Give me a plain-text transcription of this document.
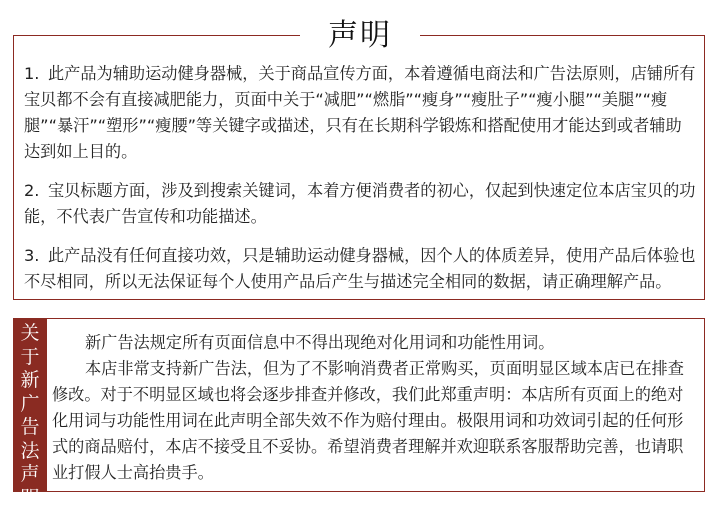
声明
1. 此产品为辅助运动健身器械，关于商品宣传方面，本着遵循电商法和广告法原则，店铺所有宝贝都不会有直接减肥能力，页面中关于“减肥”“燃脂”“瘦身”“瘦肚子”“瘦小腿”“美腿”“瘦腿”“暴汗”“塑形”“瘦腰”等关键字或描述，只有在长期科学锻炼和搭配使用才能达到或者辅助达到如上目的。
2. 宝贝标题方面，涉及到搜索关键词，本着方便消费者的初心，仅起到快速定位本店宝贝的功能，不代表广告宣传和功能描述。
3. 此产品没有任何直接功效，只是辅助运动健身器械，因个人的体质差异，使用产品后体验也不尽相同，所以无法保证每个人使用产品后产生与描述完全相同的数据，请正确理解产品。
关于新广告法声明

新广告法规定所有页面信息中不得出现绝对化用词和功能性用词。

本店非常支持新广告法，但为了不影响消费者正常购买，页面明显区域本店已在排查修改。对于不明显区域也将会逐步排查并修改，我们此郑重声明：本店所有页面上的绝对化用词与功能性用词在此声明全部失效不作为赔付理由。极限用词和功效词引起的任何形式的商品赔付，本店不接受且不妥协。希望消费者理解并欢迎联系客服帮助完善，也请职业打假人士高抬贵手。
